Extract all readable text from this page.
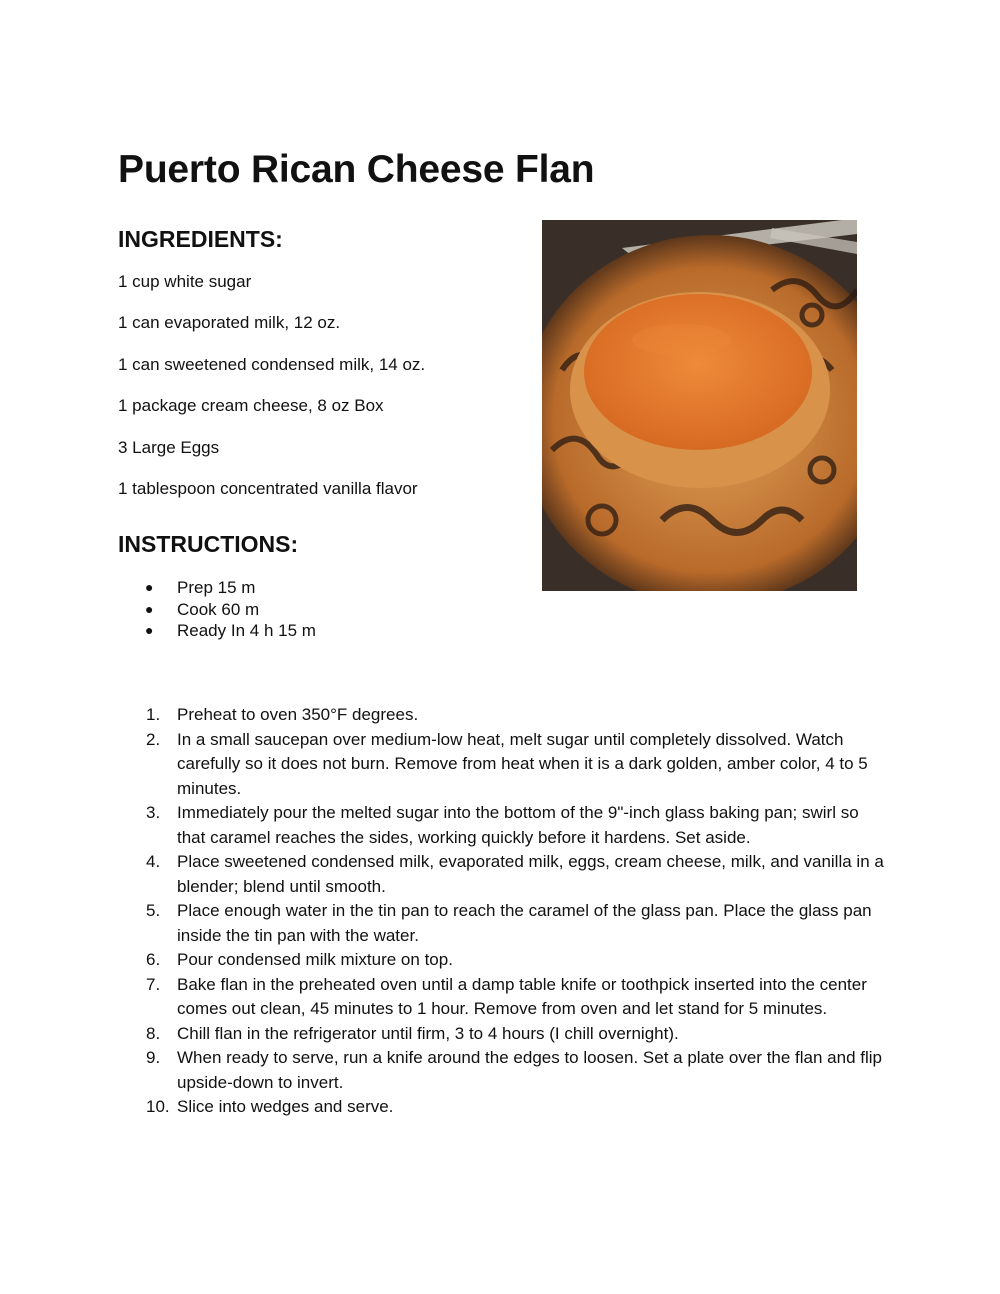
Puerto Rican Cheese Flan
INGREDIENTS:
1 cup white sugar
1 can evaporated milk, 12 oz.
1 can sweetened condensed milk, 14 oz.
1 package cream cheese, 8 oz Box
3 Large Eggs
1 tablespoon concentrated vanilla flavor
INSTRUCTIONS:
● Prep 15 m
● Cook 60 m
● Ready In 4 h 15 m
1. Preheat to oven 350°F degrees.
2. In a small saucepan over medium-low heat, melt sugar until completely dissolved. Watch carefully so it does not burn. Remove from heat when it is a dark golden, amber color, 4 to 5 minutes.
3. Immediately pour the melted sugar into the bottom of the 9"-inch glass baking pan; swirl so that caramel reaches the sides, working quickly before it hardens. Set aside.
4. Place sweetened condensed milk, evaporated milk, eggs, cream cheese, milk, and vanilla in a blender; blend until smooth.
5. Place enough water in the tin pan to reach the caramel of the glass pan. Place the glass pan inside the tin pan with the water.
6. Pour condensed milk mixture on top.
7. Bake flan in the preheated oven until a damp table knife or toothpick inserted into the center comes out clean, 45 minutes to 1 hour. Remove from oven and let stand for 5 minutes.
8. Chill flan in the refrigerator until firm, 3 to 4 hours (I chill overnight).
9. When ready to serve, run a knife around the edges to loosen. Set a plate over the flan and flip upside-down to invert.
10. Slice into wedges and serve.
